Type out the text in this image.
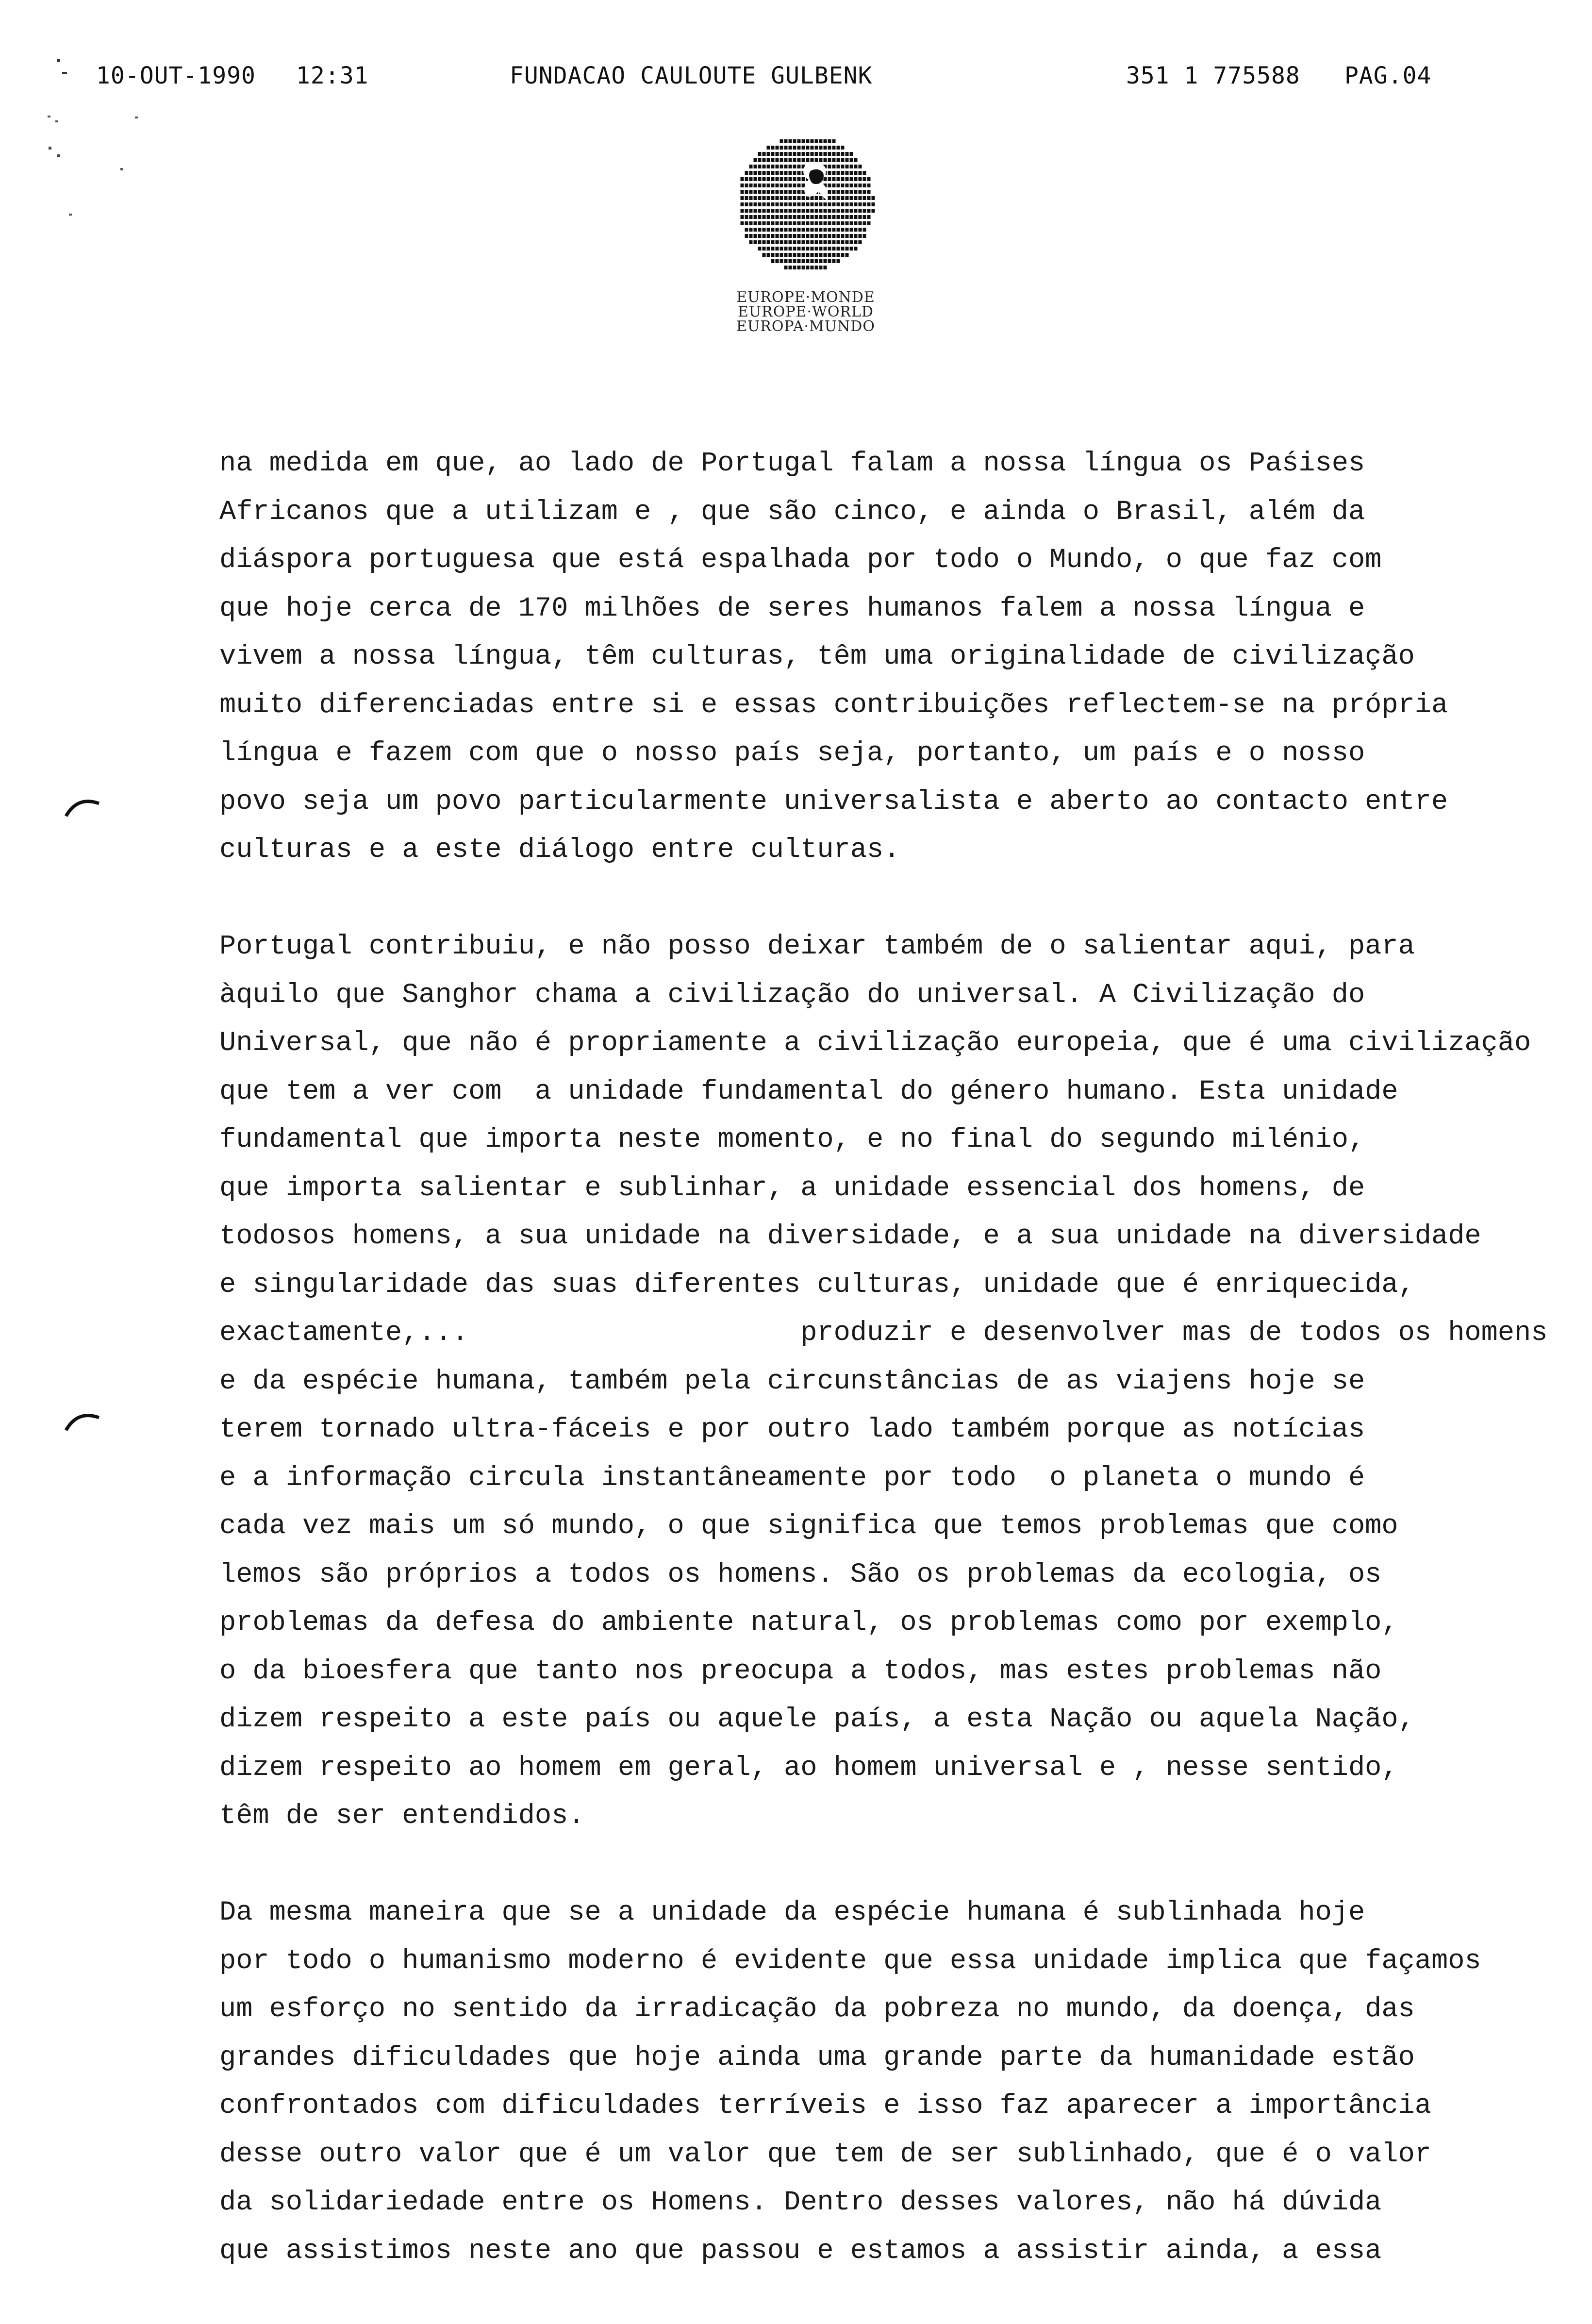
10-OUT-1990 12:31	FUNDACAO CAULOUTE GULBENK	351 1 775588 PAG.04
EUROPE·MONDE
EUROPE·WORLD
EUROPA·MUNDO
na medida em que, ao lado de Portugal falam a nossa língua os Paśises
Africanos que a utilizam e , que são cinco, e ainda o Brasil, além da
diáspora portuguesa que está espalhada por todo o Mundo, o que faz com
que hoje cerca de 170 milhões de seres humanos falem a nossa língua e
vivem a nossa língua, têm culturas, têm uma originalidade de civilização
muito diferenciadas entre si e essas contribuições reflectem-se na própria
língua e fazem com que o nosso país seja, portanto, um país e o nosso
povo seja um povo particularmente universalista e aberto ao contacto entre
culturas e a este diálogo entre culturas.
Portugal contribuiu, e não posso deixar também de o salientar aqui, para
àquilo que Sanghor chama a civilização do universal. A Civilização do
Universal, que não é propriamente a civilização europeia, que é uma civilização
que tem a ver com  a unidade fundamental do género humano. Esta unidade
fundamental que importa neste momento, e no final do segundo milénio,
que importa salientar e sublinhar, a unidade essencial dos homens, de
todosos homens, a sua unidade na diversidade, e a sua unidade na diversidade
e singularidade das suas diferentes culturas, unidade que é enriquecida,
exactamente,...                    produzir e desenvolver mas de todos os homens
e da espécie humana, também pela circunstâncias de as viajens hoje se
terem tornado ultra-fáceis e por outro lado também porque as notícias
e a informação circula instantâneamente por todo  o planeta o mundo é
cada vez mais um só mundo, o que significa que temos problemas que como
lemos são próprios a todos os homens. São os problemas da ecologia, os
problemas da defesa do ambiente natural, os problemas como por exemplo,
o da bioesfera que tanto nos preocupa a todos, mas estes problemas não
dizem respeito a este país ou aquele país, a esta Nação ou aquela Nação,
dizem respeito ao homem em geral, ao homem universal e , nesse sentido,
têm de ser entendidos.
Da mesma maneira que se a unidade da espécie humana é sublinhada hoje
por todo o humanismo moderno é evidente que essa unidade implica que façamos
um esforço no sentido da irradicação da pobreza no mundo, da doença, das
grandes dificuldades que hoje ainda uma grande parte da humanidade estão
confrontados com dificuldades terríveis e isso faz aparecer a importância
desse outro valor que é um valor que tem de ser sublinhado, que é o valor
da solidariedade entre os Homens. Dentro desses valores, não há dúvida
que assistimos neste ano que passou e estamos a assistir ainda, a essa
